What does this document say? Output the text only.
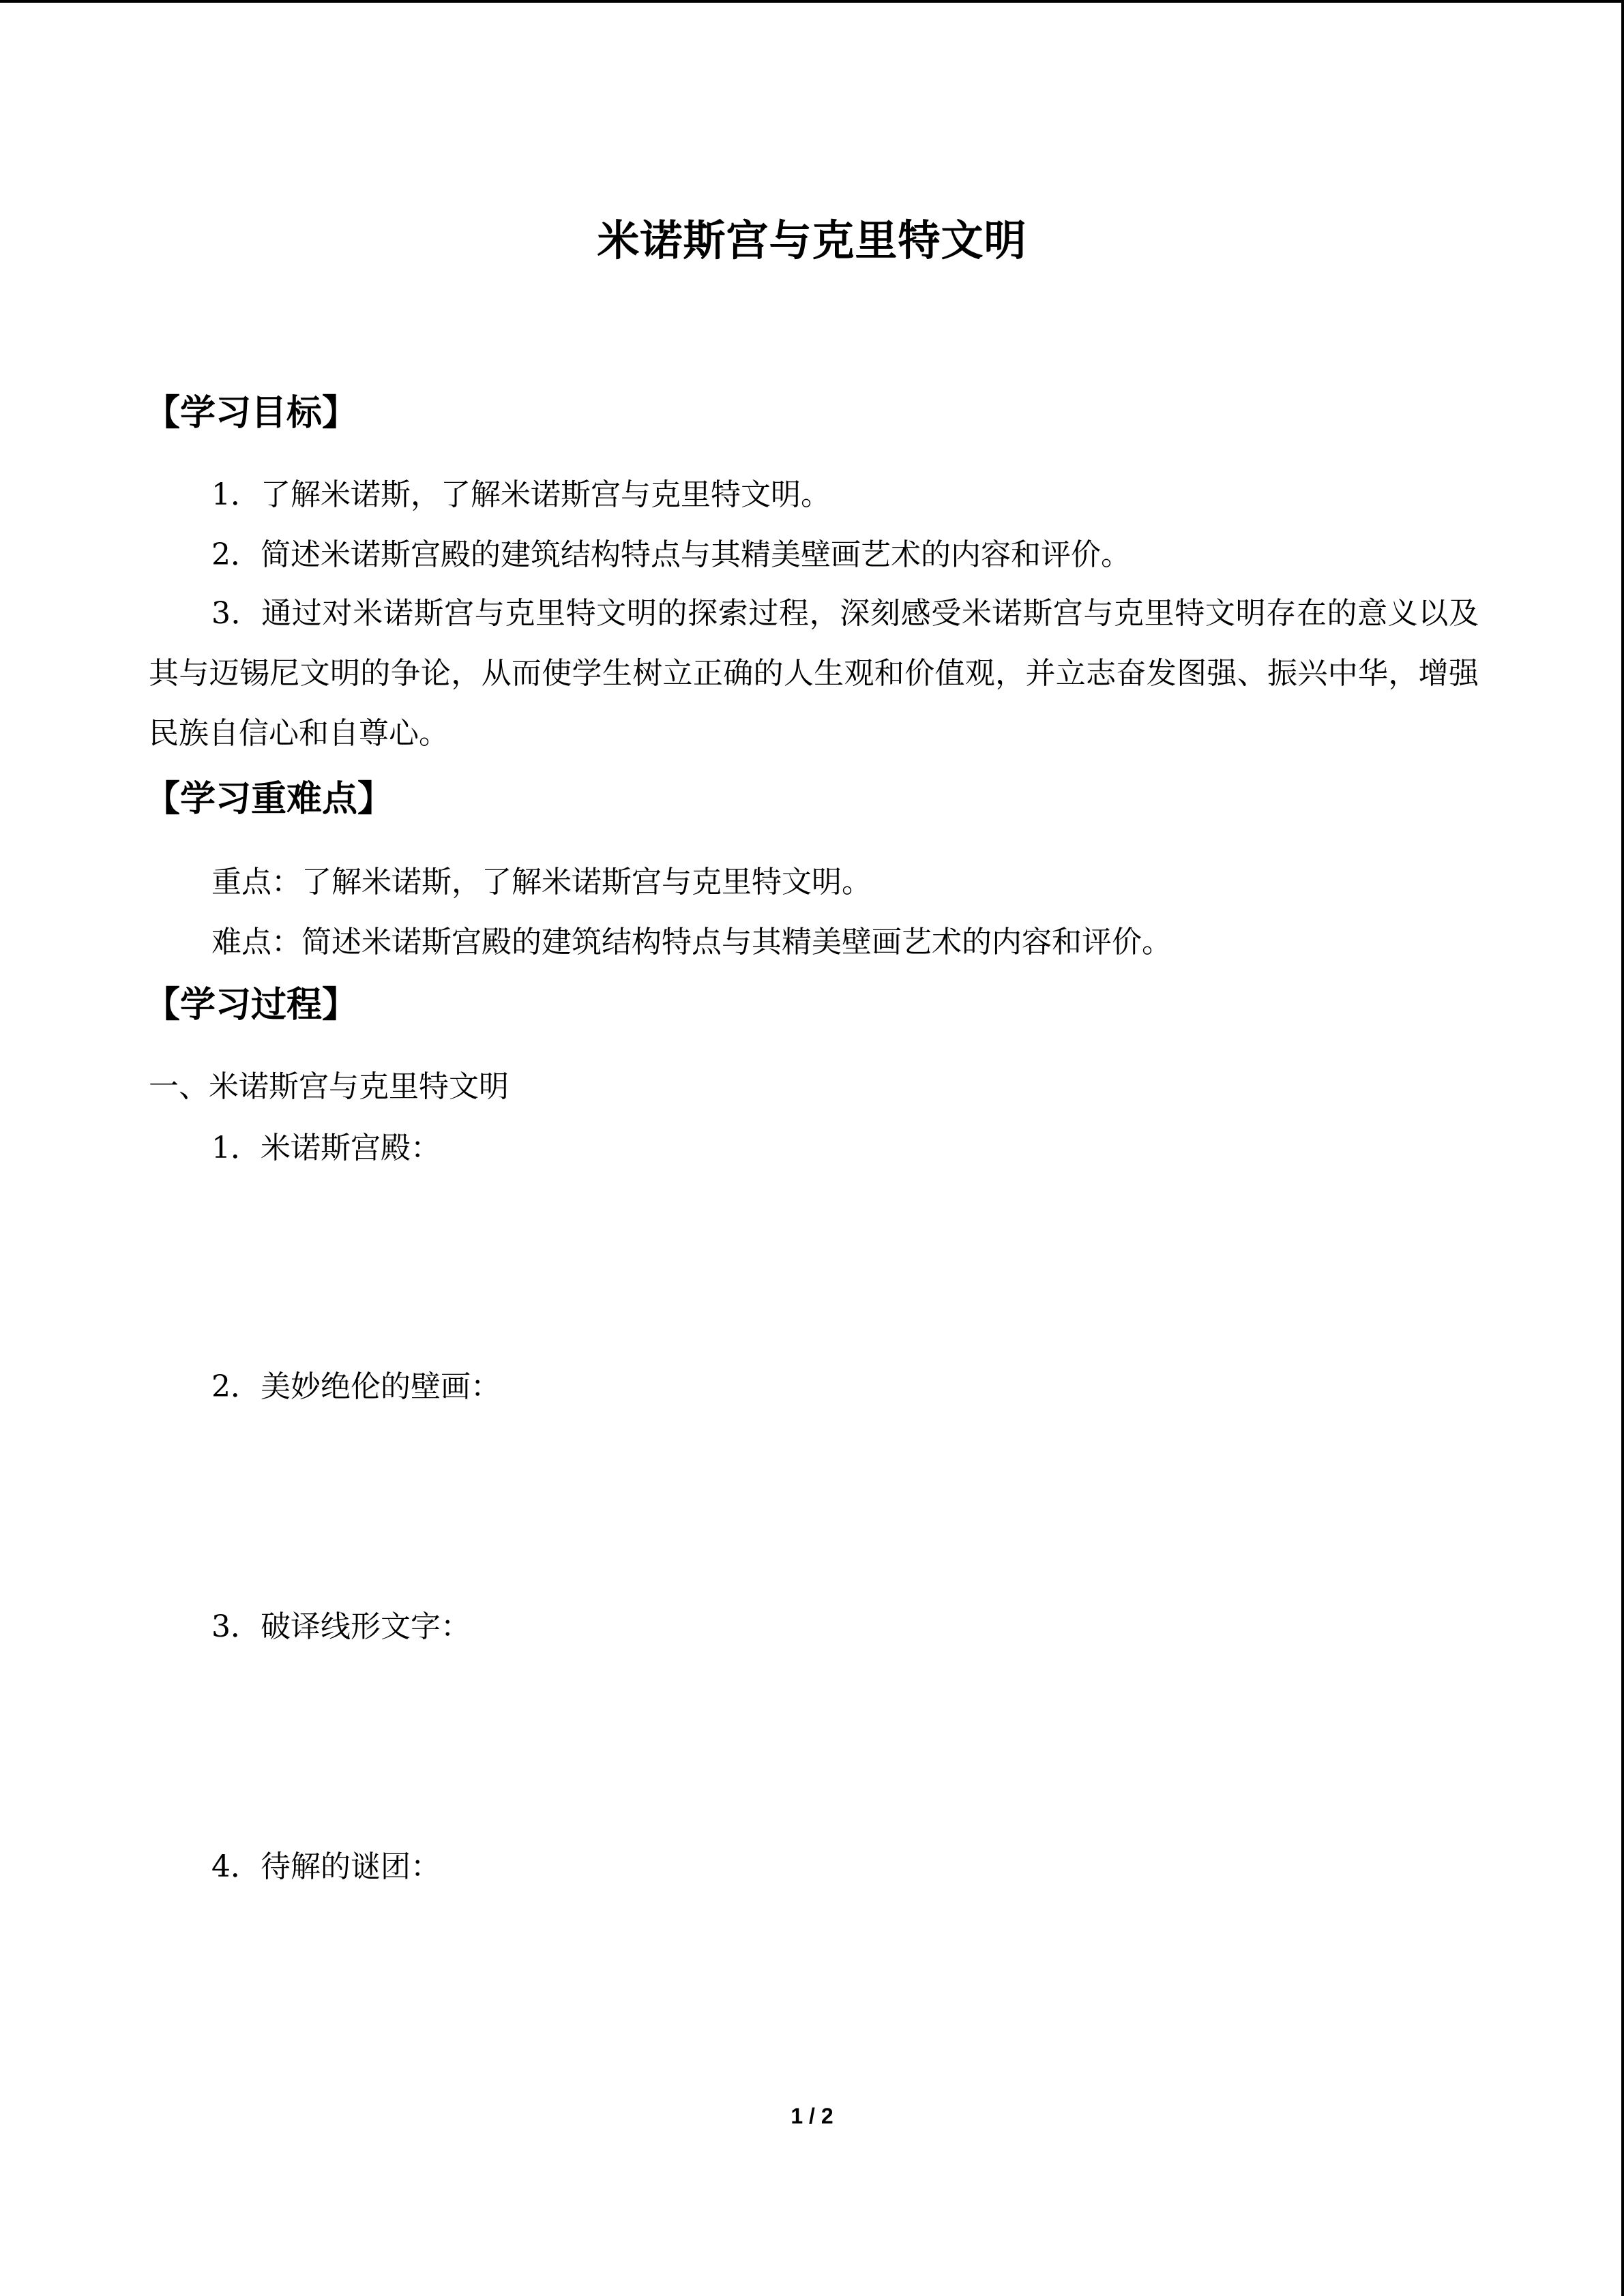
米诺斯宫与克里特文明
【学习目标】
1．了解米诺斯，了解米诺斯宫与克里特文明。
2．简述米诺斯宫殿的建筑结构特点与其精美壁画艺术的内容和评价。
3．通过对米诺斯宫与克里特文明的探索过程，深刻感受米诺斯宫与克里特文明存在的意义以及其与迈锡尼文明的争论，从而使学生树立正确的人生观和价值观，并立志奋发图强、振兴中华，增强民族自信心和自尊心。
【学习重难点】
重点：了解米诺斯，了解米诺斯宫与克里特文明。
难点：简述米诺斯宫殿的建筑结构特点与其精美壁画艺术的内容和评价。
【学习过程】
一、米诺斯宫与克里特文明
1．米诺斯宫殿：
2．美妙绝伦的壁画：
3．破译线形文字：
4．待解的谜团：
1 / 2
